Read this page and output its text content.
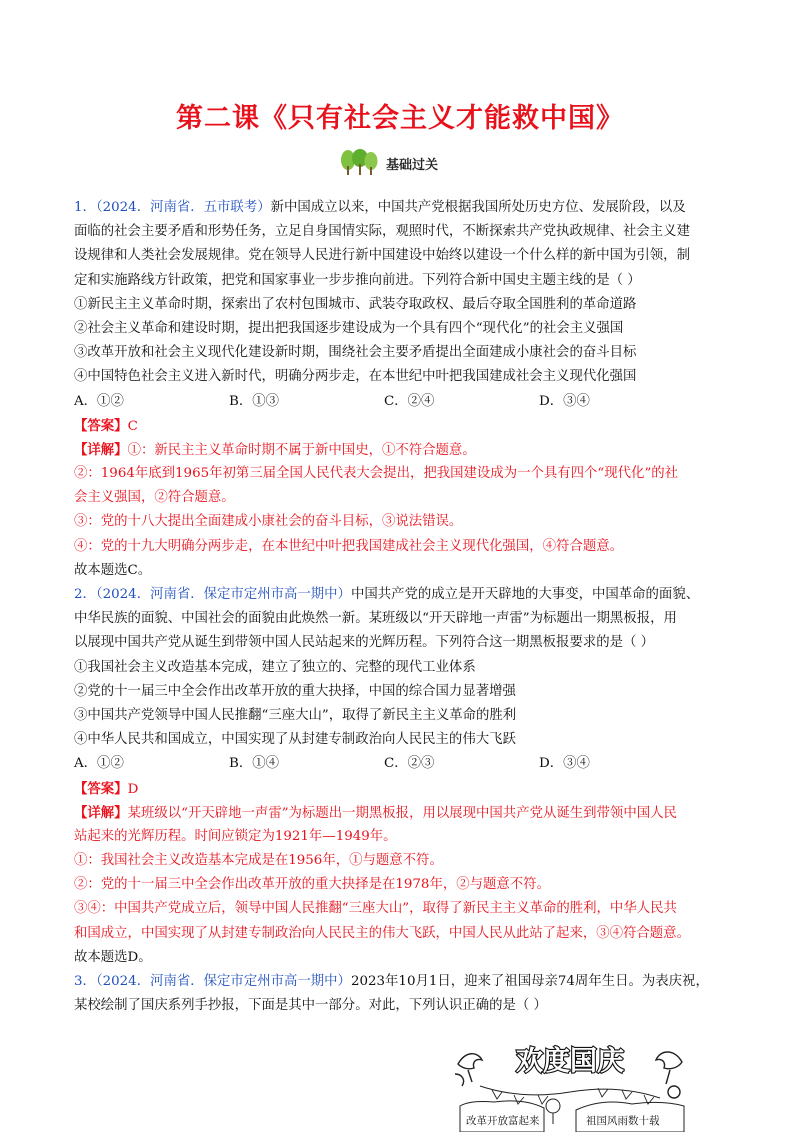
第二课《只有社会主义才能救中国》
基础过关
1．（2024．河南省．五市联考）新中国成立以来，中国共产党根据我国所处历史方位、发展阶段，以及
面临的社会主要矛盾和形势任务，立足自身国情实际，观照时代，不断探索共产党执政规律、社会主义建
设规律和人类社会发展规律。党在领导人民进行新中国建设中始终以建设一个什么样的新中国为引领，制
定和实施路线方针政策，把党和国家事业一步步推向前进。下列符合新中国史主题主线的是（ ）
①新民主主义革命时期，探索出了农村包围城市、武装夺取政权、最后夺取全国胜利的革命道路
②社会主义革命和建设时期，提出把我国逐步建设成为一个具有四个“现代化”的社会主义强国
③改革开放和社会主义现代化建设新时期，围绕社会主要矛盾提出全面建成小康社会的奋斗目标
④中国特色社会主义进入新时代，明确分两步走，在本世纪中叶把我国建成社会主义现代化强国
A．①②	B．①③	C．②④	D．③④
【答案】C
【详解】①：新民主主义革命时期不属于新中国史，①不符合题意。
②：1964年底到1965年初第三届全国人民代表大会提出，把我国建设成为一个具有四个“现代化”的社
会主义强国，②符合题意。
③：党的十八大提出全面建成小康社会的奋斗目标，③说法错误。
④：党的十九大明确分两步走，在本世纪中叶把我国建成社会主义现代化强国，④符合题意。
故本题选C。
2．（2024．河南省．保定市定州市高一期中）中国共产党的成立是开天辟地的大事变，中国革命的面貌、
中华民族的面貌、中国社会的面貌由此焕然一新。某班级以“开天辟地一声雷”为标题出一期黑板报，用
以展现中国共产党从诞生到带领中国人民站起来的光辉历程。下列符合这一期黑板报要求的是（ ）
①我国社会主义改造基本完成，建立了独立的、完整的现代工业体系
②党的十一届三中全会作出改革开放的重大抉择，中国的综合国力显著增强
③中国共产党领导中国人民推翻“三座大山”，取得了新民主主义革命的胜利
④中华人民共和国成立，中国实现了从封建专制政治向人民民主的伟大飞跃
A．①②	B．①④	C．②③	D．③④
【答案】D
【详解】某班级以“开天辟地一声雷”为标题出一期黑板报，用以展现中国共产党从诞生到带领中国人民
站起来的光辉历程。时间应锁定为1921年—1949年。
①：我国社会主义改造基本完成是在1956年，①与题意不符。
②：党的十一届三中全会作出改革开放的重大抉择是在1978年，②与题意不符。
③④：中国共产党成立后，领导中国人民推翻“三座大山”，取得了新民主主义革命的胜利，中华人民共
和国成立，中国实现了从封建专制政治向人民民主的伟大飞跃，中国人民从此站了起来，③④符合题意。
故本题选D。
3．（2024．河南省．保定市定州市高一期中）2023年10月1日，迎来了祖国母亲74周年生日。为表庆祝，
某校绘制了国庆系列手抄报，下面是其中一部分。对此，下列认识正确的是（ ）
欢度国庆
改革开放富起来	祖国风雨数十载
